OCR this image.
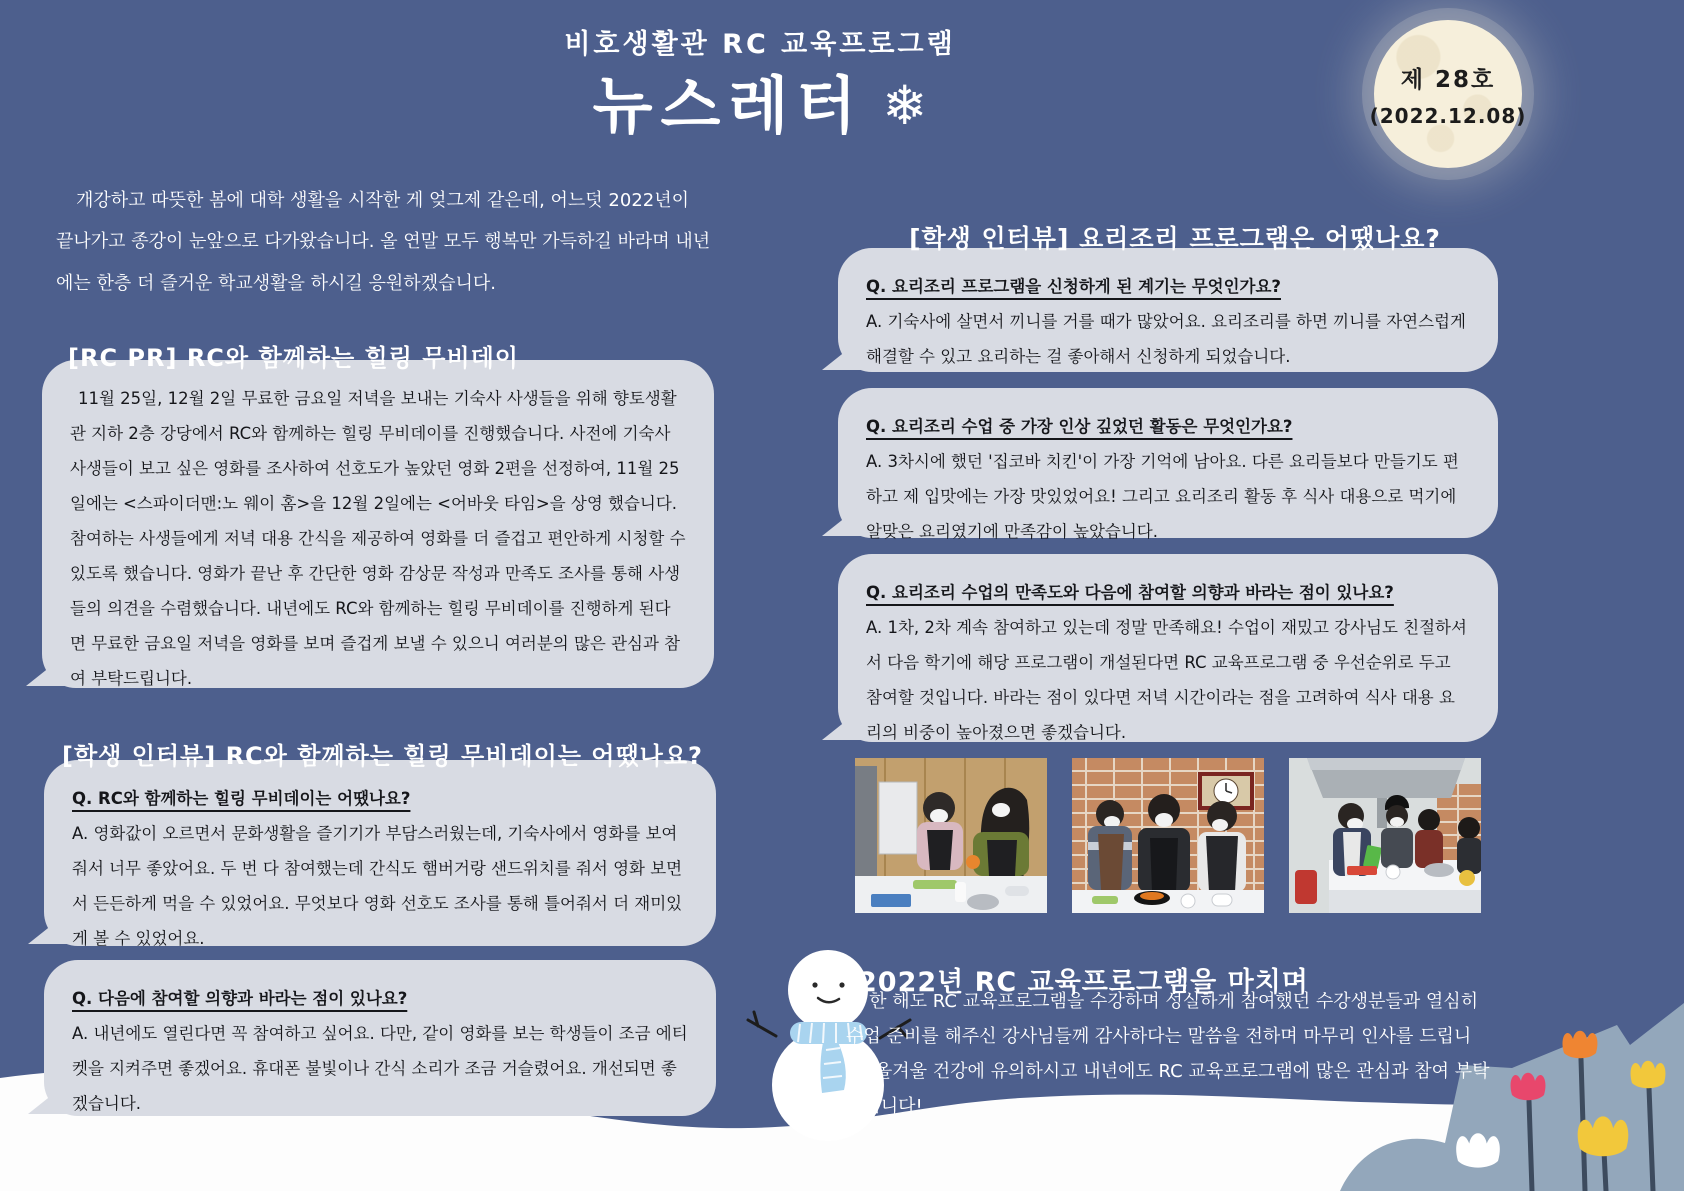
제 28호
(2022.12.08)
비호생활관 RC 교육프로그램
뉴스레터 ❄

개강하고 따뜻한 봄에 대학 생활을 시작한 게 엊그제 같은데, 어느덧 2022년이 끝나가고 종강이 눈앞으로 다가왔습니다. 올 연말 모두 행복만 가득하길 바라며 내년에는 한층 더 즐거운 학교생활을 하시길 응원하겠습니다.

[RC PR] RC와 함께하는 힐링 무비데이

11월 25일, 12월 2일 무료한 금요일 저녁을 보내는 기숙사 사생들을 위해 향토생활관 지하 2층 강당에서 RC와 함께하는 힐링 무비데이를 진행했습니다. 사전에 기숙사 사생들이 보고 싶은 영화를 조사하여 선호도가 높았던 영화 2편을 선정하여, 11월 25일에는 <스파이더맨:노 웨이 홈>을 12월 2일에는 <어바웃 타임>을 상영 했습니다. 참여하는 사생들에게 저녁 대용 간식을 제공하여 영화를 더 즐겁고 편안하게 시청할 수 있도록 했습니다. 영화가 끝난 후 간단한 영화 감상문 작성과 만족도 조사를 통해 사생들의 의견을 수렴했습니다. 내년에도 RC와 함께하는 힐링 무비데이를 진행하게 된다면 무료한 금요일 저녁을 영화를 보며 즐겁게 보낼 수 있으니 여러분의 많은 관심과 참여 부탁드립니다.

[학생 인터뷰] RC와 함께하는 힐링 무비데이는 어땠나요?

Q. RC와 함께하는 힐링 무비데이는 어땠나요?

A. 영화값이 오르면서 문화생활을 즐기기가 부담스러웠는데, 기숙사에서 영화를 보여줘서 너무 좋았어요. 두 번 다 참여했는데 간식도 햄버거랑 샌드위치를 줘서 영화 보면서 든든하게 먹을 수 있었어요. 무엇보다 영화 선호도 조사를 통해 틀어줘서 더 재미있게 볼 수 있었어요.

Q. 다음에 참여할 의향과 바라는 점이 있나요?

A. 내년에도 열린다면 꼭 참여하고 싶어요. 다만, 같이 영화를 보는 학생들이 조금 에티켓을 지켜주면 좋겠어요. 휴대폰 불빛이나 간식 소리가 조금 거슬렸어요. 개선되면 좋겠습니다.

[학생 인터뷰] 요리조리 프로그램은 어땠나요?

Q. 요리조리 프로그램을 신청하게 된 계기는 무엇인가요?

A. 기숙사에 살면서 끼니를 거를 때가 많았어요. 요리조리를 하면 끼니를 자연스럽게 해결할 수 있고 요리하는 걸 좋아해서 신청하게 되었습니다.

Q. 요리조리 수업 중 가장 인상 깊었던 활동은 무엇인가요?

A. 3차시에 했던 '집코바 치킨'이 가장 기억에 남아요. 다른 요리들보다 만들기도 편하고 제 입맛에는 가장 맛있었어요! 그리고 요리조리 활동 후 식사 대용으로 먹기에 알맞은 요리였기에 만족감이 높았습니다.

Q. 요리조리 수업의 만족도와 다음에 참여할 의향과 바라는 점이 있나요?

A. 1차, 2차 계속 참여하고 있는데 정말 만족해요! 수업이 재밌고 강사님도 친절하셔서 다음 학기에 해당 프로그램이 개설된다면 RC 교육프로그램 중 우선순위로 두고 참여할 것입니다. 바라는 점이 있다면 저녁 시간이라는 점을 고려하여 식사 대용 요리의 비중이 높아졌으면 좋겠습니다.

2022년 RC 교육프로그램을 마치며

올 한 해도 RC 교육프로그램을 수강하며 성실하게 참여했던 수강생분들과 열심히 수업 준비를 해주신 강사님들께 감사하다는 말씀을 전하며 마무리 인사를 드립니다. 올겨울 건강에 유의하시고 내년에도 RC 교육프로그램에 많은 관심과 참여 부탁드립니다!
